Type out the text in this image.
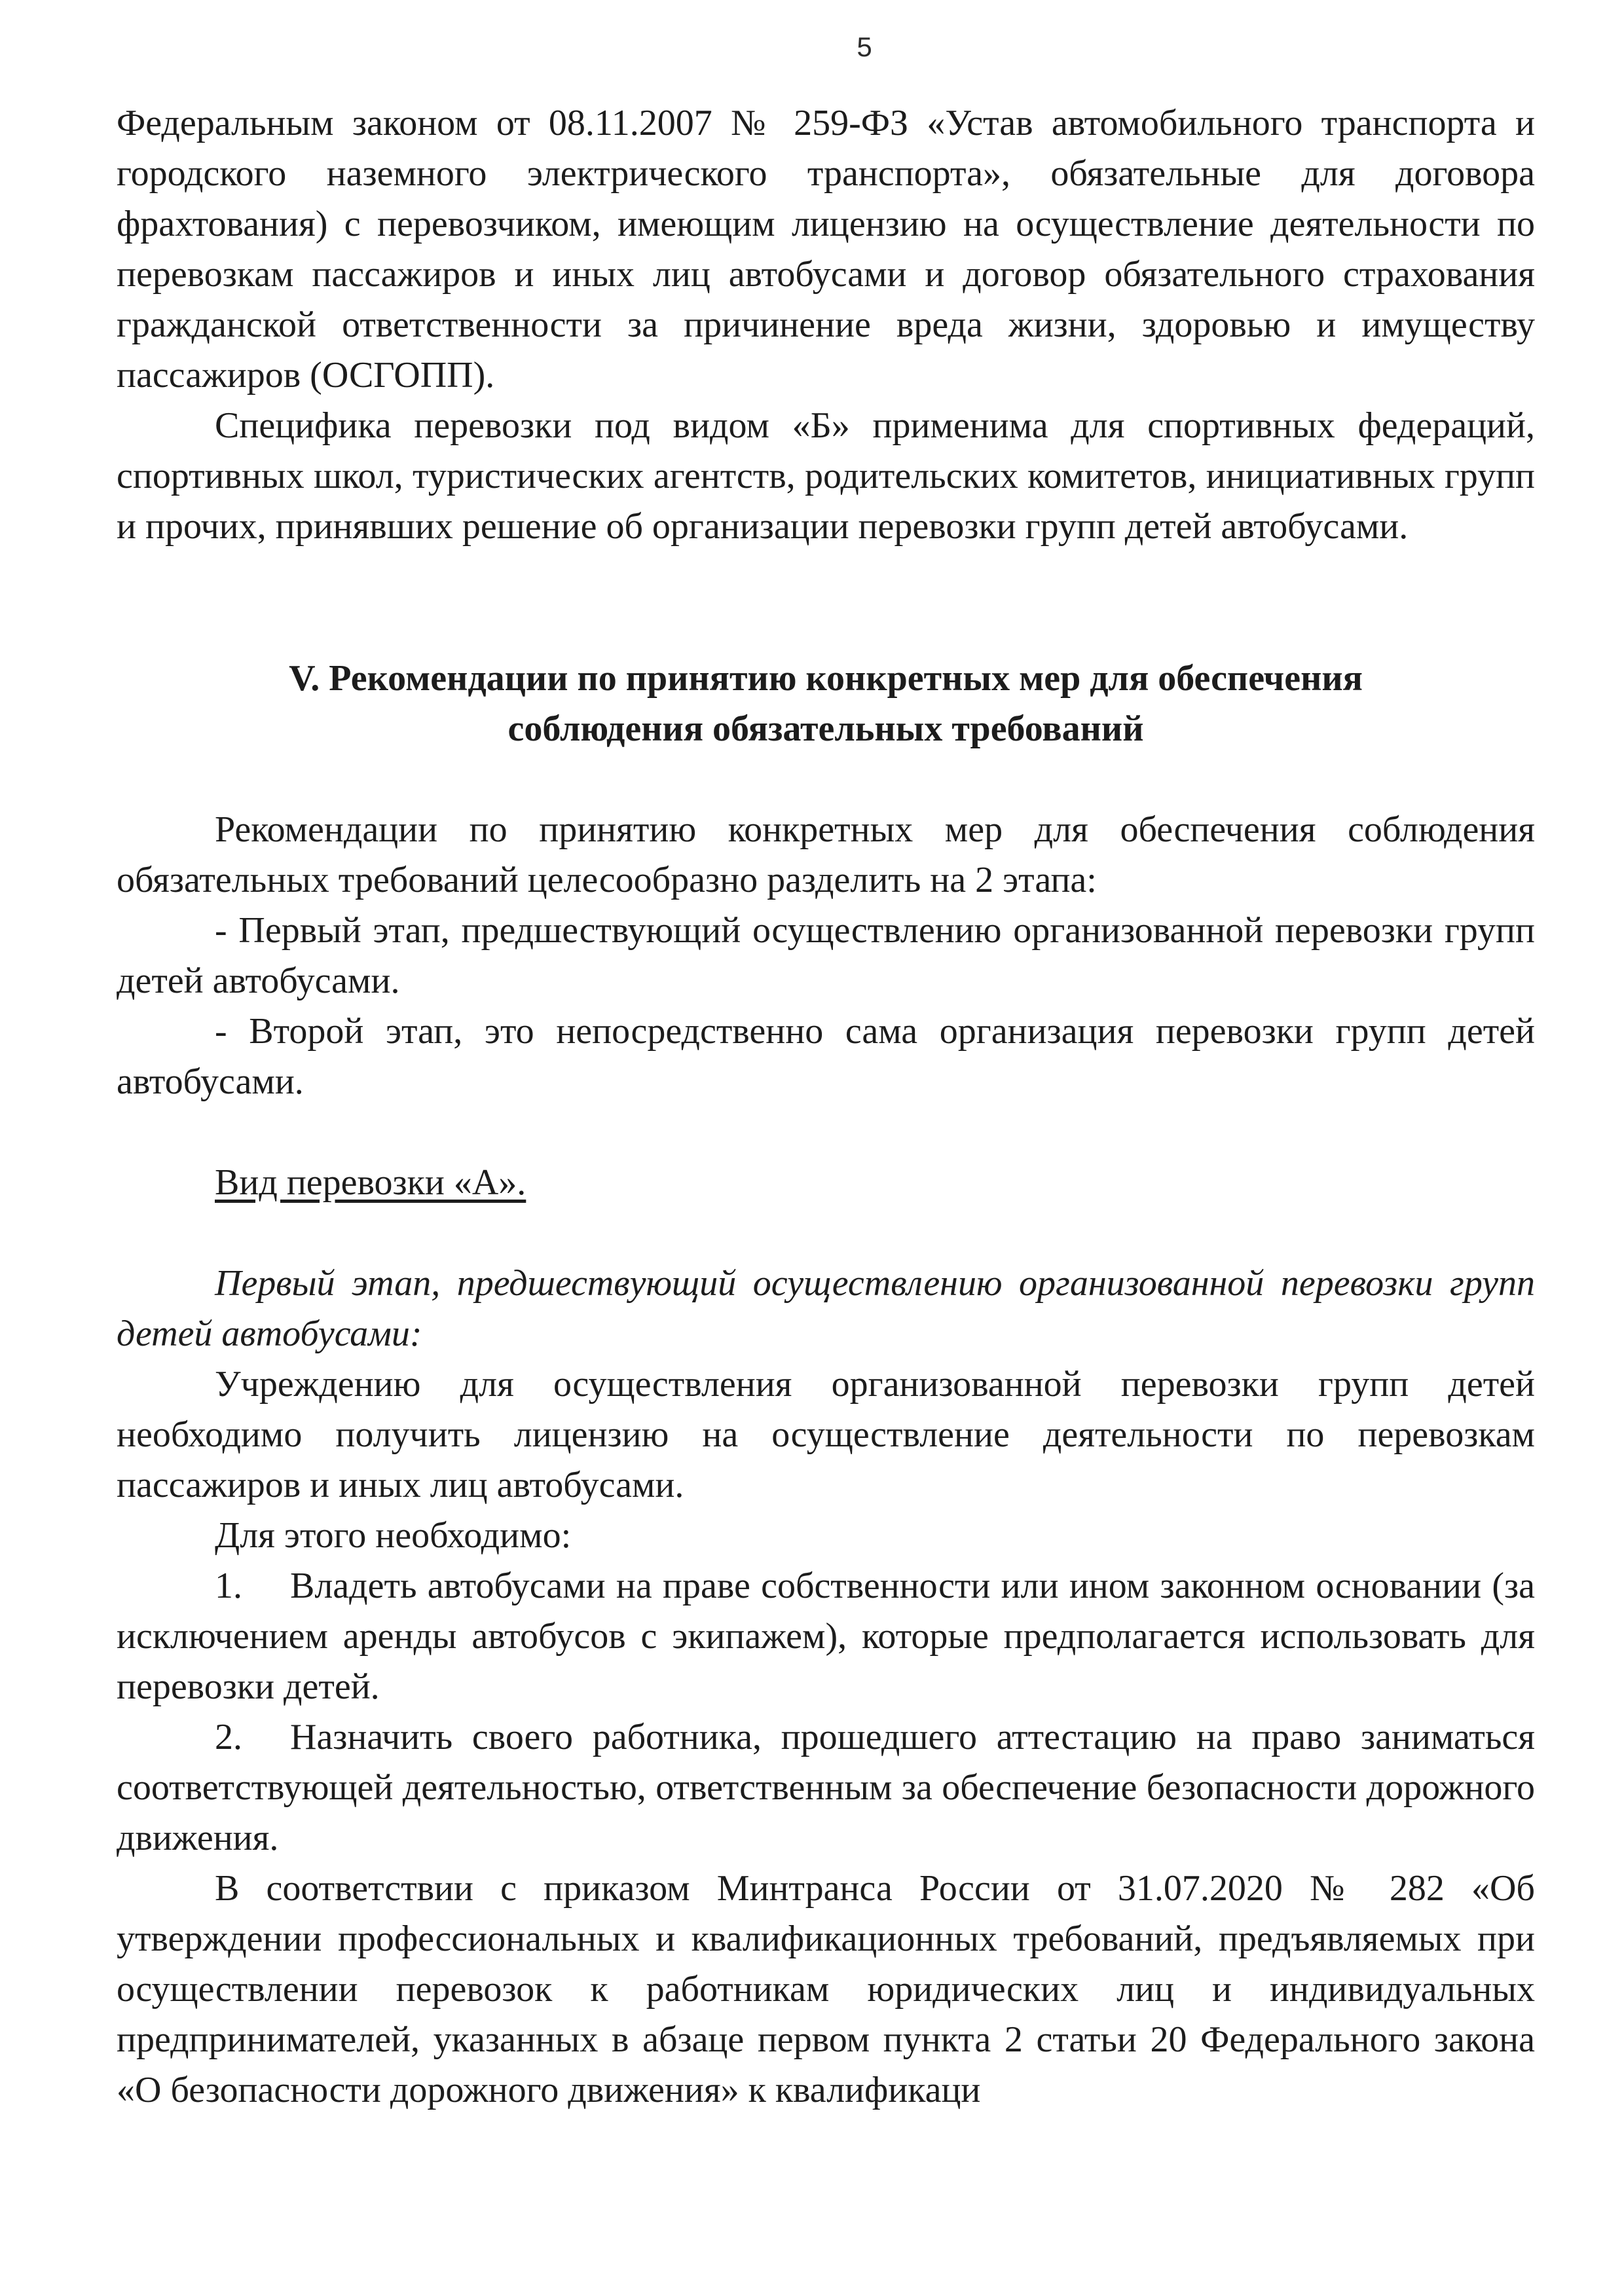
5

Федеральным законом от 08.11.2007 № 259-ФЗ «Устав автомобильного транспорта и городского наземного электрического транспорта», обязательные для договора фрахтования) с перевозчиком, имеющим лицензию на осуществление деятельности по перевозкам пассажиров и иных лиц автобусами и договор обязательного страхования гражданской ответственности за причинение вреда жизни, здоровью и имуществу пассажиров (ОСГОПП).

Специфика перевозки под видом «Б» применима для спортивных федераций, спортивных школ, туристических агентств, родительских комитетов, инициативных групп и прочих, принявших решение об организации перевозки групп детей автобусами.

V. Рекомендации по принятию конкретных мер для обеспечения
соблюдения обязательных требований

Рекомендации по принятию конкретных мер для обеспечения соблюдения обязательных требований целесообразно разделить на 2 этапа:

- Первый этап, предшествующий осуществлению организованной перевозки групп детей автобусами.

- Второй этап, это непосредственно сама организация перевозки групп детей автобусами.

Вид перевозки «А».

Первый этап, предшествующий осуществлению организованной перевозки групп детей автобусами:

Учреждению для осуществления организованной перевозки групп детей необходимо получить лицензию на осуществление деятельности по перевозкам пассажиров и иных лиц автобусами.

Для этого необходимо:

1. Владеть автобусами на праве собственности или ином законном основании (за исключением аренды автобусов с экипажем), которые предполагается использовать для перевозки детей.

2. Назначить своего работника, прошедшего аттестацию на право заниматься соответствующей деятельностью, ответственным за обеспечение безопасности дорожного движения.

В соответствии с приказом Минтранса России от 31.07.2020 № 282 «Об утверждении профессиональных и квалификационных требований, предъявляемых при осуществлении перевозок к работникам юридических лиц и индивидуальных предпринимателей, указанных в абзаце первом пункта 2 статьи 20 Федерального закона «О безопасности дорожного движения» к квалификаци
